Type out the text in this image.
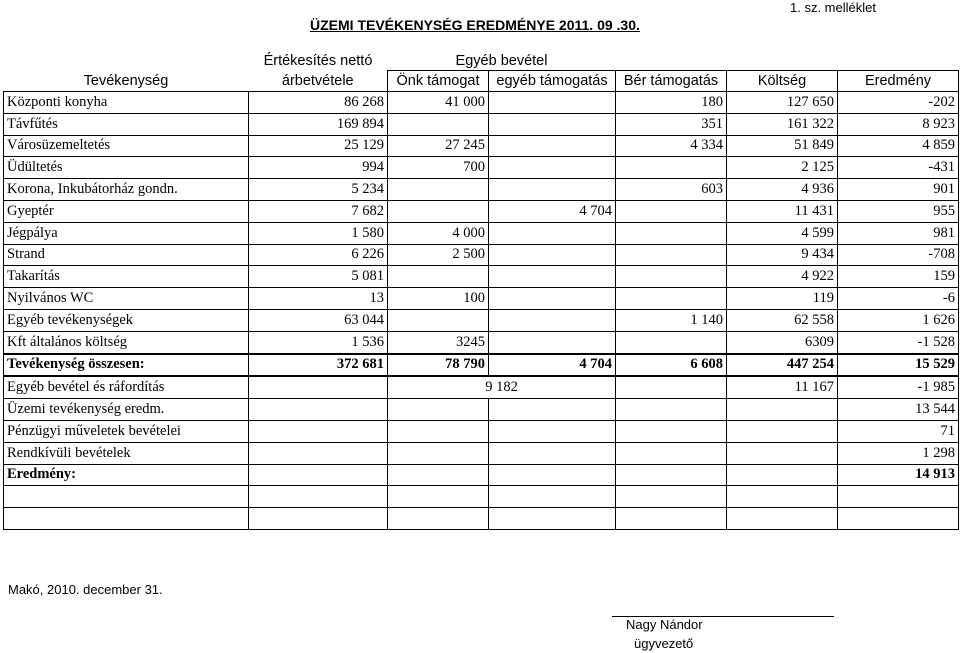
1. sz. melléklet
ÜZEMI TEVÉKENYSÉG EREDMÉNYE 2011. 09 .30.
	Értékesítés nettó	Egyéb bevétel				
Tevékenység	árbetvétele	Önk támogat	egyéb támogatás	Bér támogatás	Költség	Eredmény
Központi konyha	86 268	41 000		180	127 650	-202
Távfűtés	169 894			351	161 322	8 923
Városüzemeltetés	25 129	27 245		4 334	51 849	4 859
Üdültetés	994	700			2 125	-431
Korona, Inkubátorház gondn.	5 234			603	4 936	901
Gyeptér	7 682		4 704		11 431	955
Jégpálya	1 580	4 000			4 599	981
Strand	6 226	2 500			9 434	-708
Takarítás	5 081				4 922	159
Nyilvános WC	13	100			119	-6
Egyéb tevékenységek	63 044			1 140	62 558	1 626
Kft általános költség	1 536	3245			6309	-1 528
Tevékenység összesen:	372 681	78 790	4 704	6 608	447 254	15 529
Egyéb bevétel és ráfordítás		9 182			11 167	-1 985
Üzemi tevékenység eredm.						13 544
Pénzügyi műveletek bevételei						71
Rendkívüli bevételek						1 298
Eredmény:						14 913

Makó, 2010. december 31.
Nagy Nándor
ügyvezető
